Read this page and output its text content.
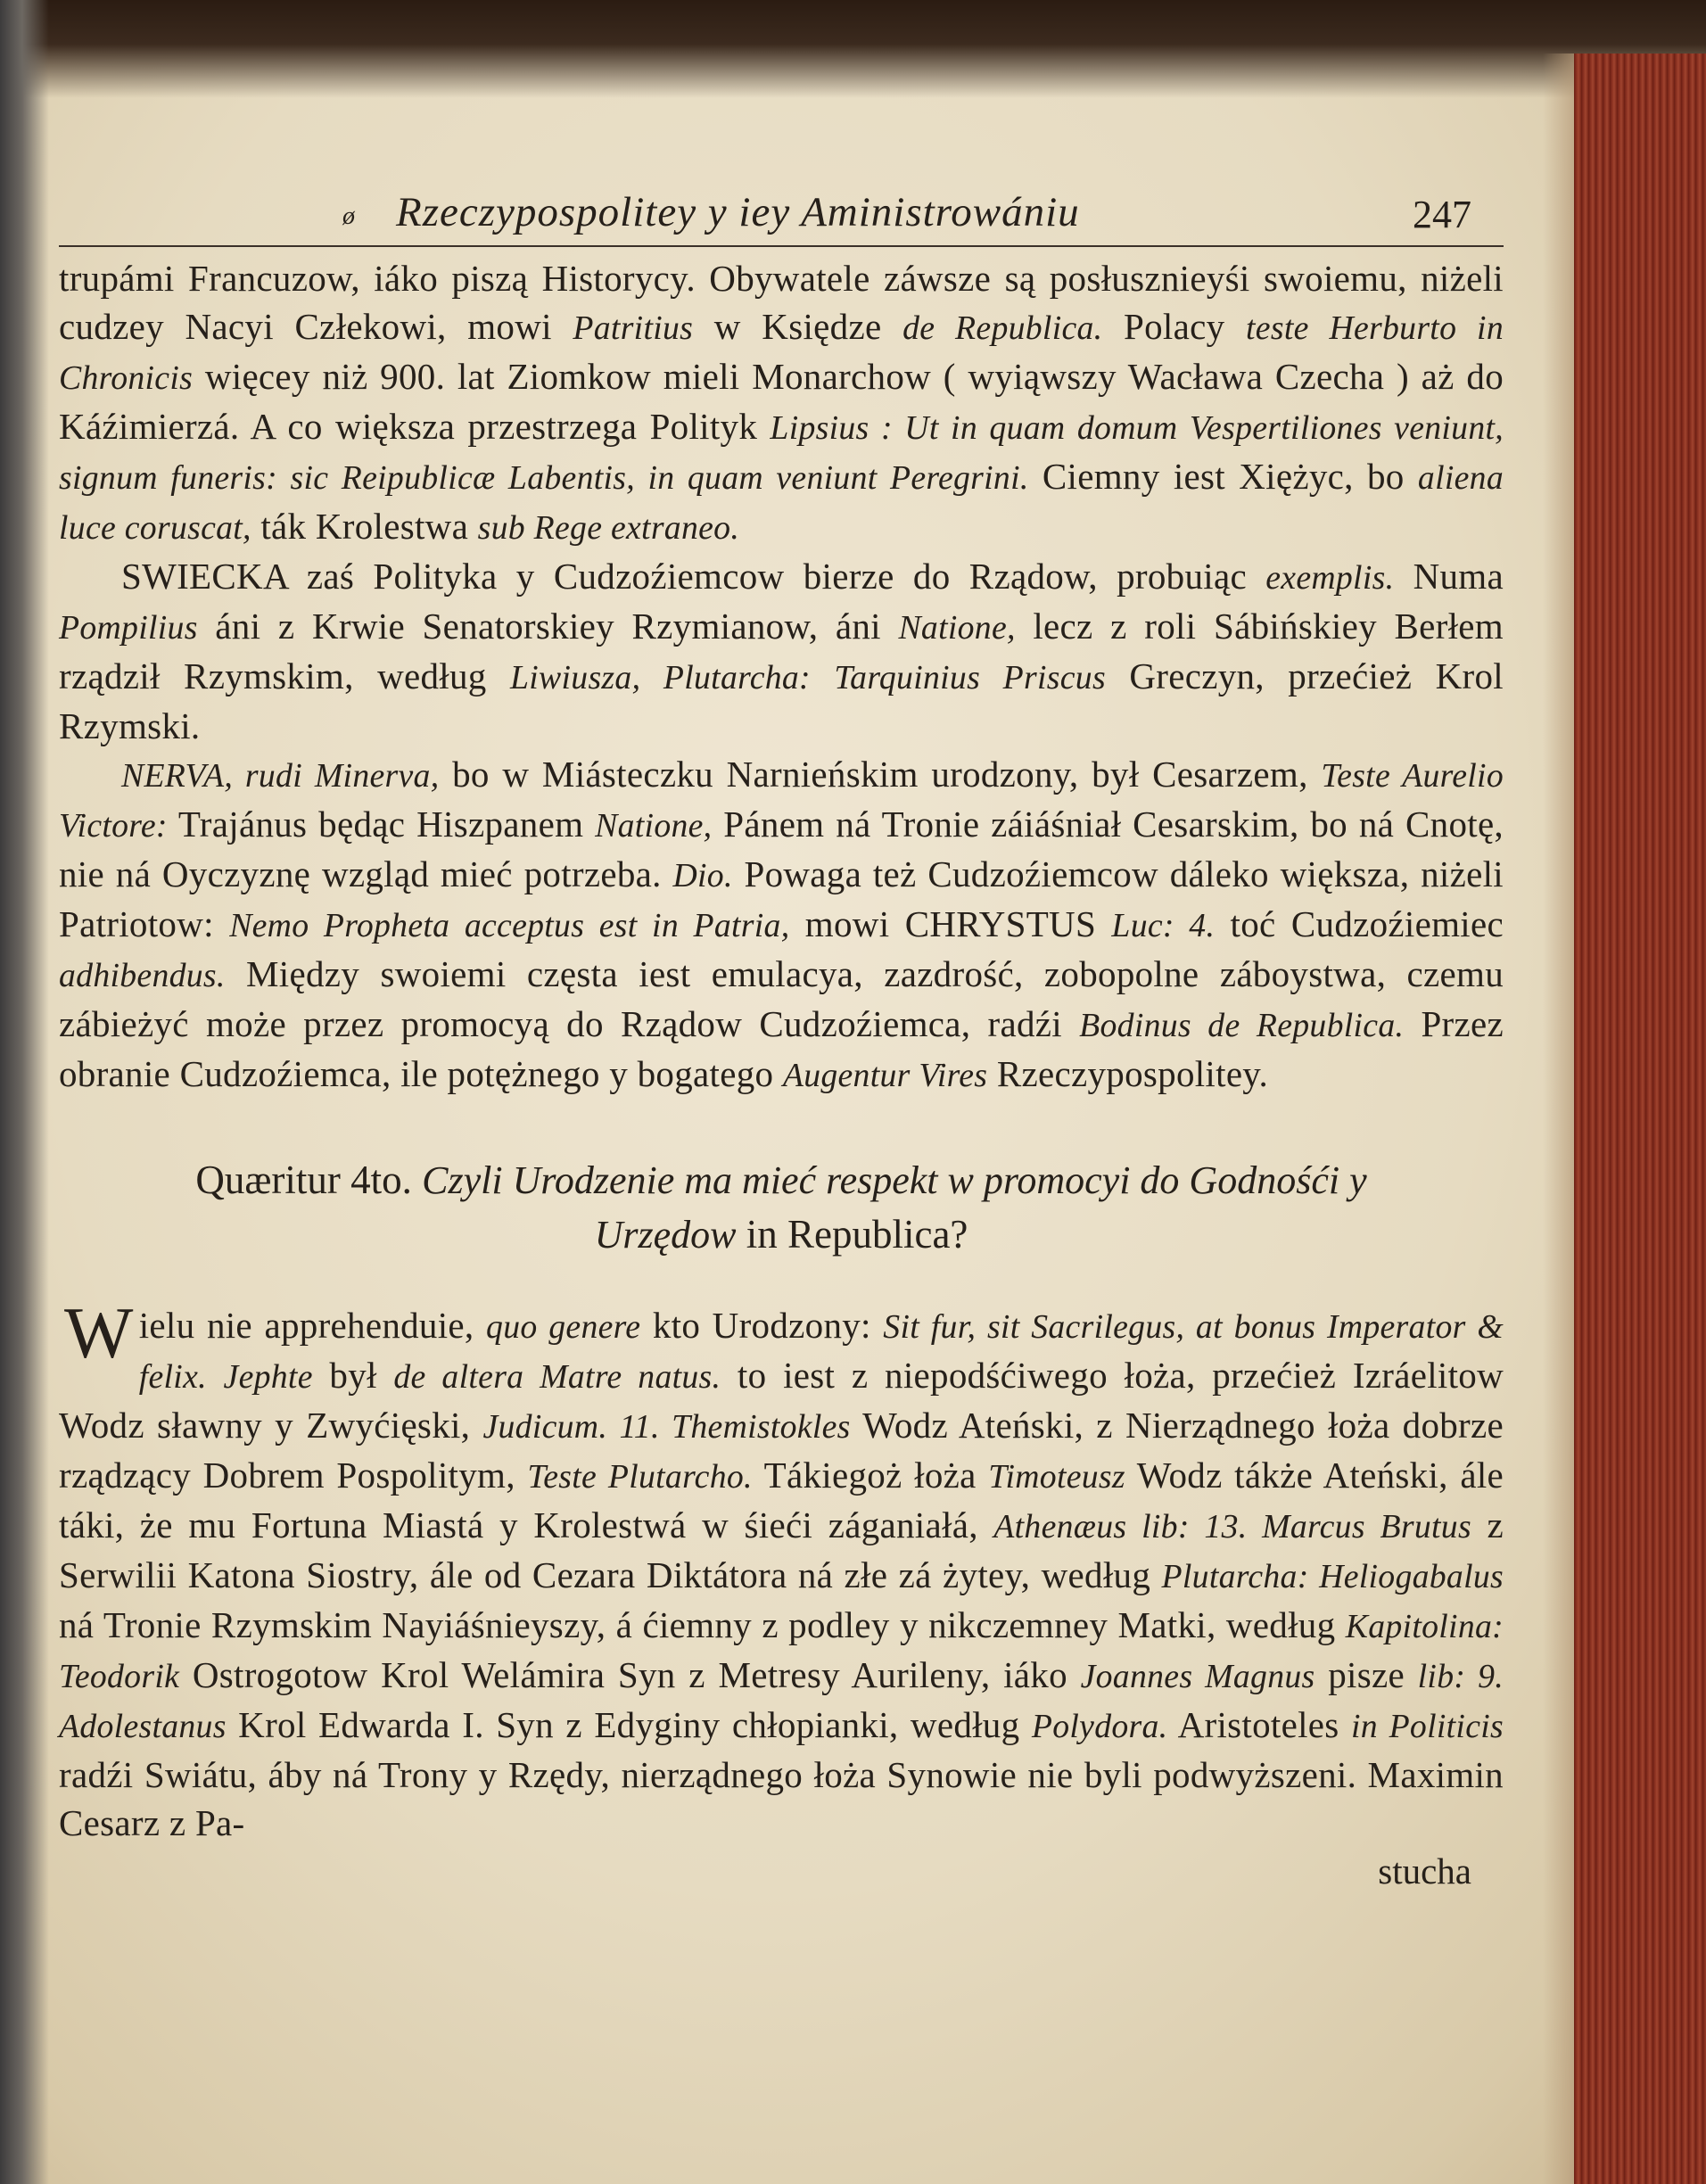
ø Rzeczypospolitey y iey Aministrowániu	247

trupámi Francuzow, iáko piszą Historycy. Obywatele záwsze są posłusznieyśi swoiemu, niżeli cudzey Nacyi Człekowi, mowi Patritius w Księdze de Republica. Polacy teste Herburto in Chronicis więcey niż 900. lat Ziomkow mieli Monarchow ( wyiąwszy Wacława Czecha ) aż do Káźimierzá. A co większa przestrzega Polityk Lipsius : Ut in quam domum Vespertiliones veniunt, signum funeris: sic Reipublicæ Labentis, in quam veniunt Peregrini. Ciemny iest Xiężyc, bo aliena luce coruscat, ták Krolestwa sub Rege extraneo.

SWIECKA zaś Polityka y Cudzoźiemcow bierze do Rządow, probuiąc exemplis. Numa Pompilius áni z Krwie Senatorskiey Rzymianow, áni Natione, lecz z roli Sábińskiey Berłem rządził Rzymskim, według Liwiusza, Plutarcha: Tarquinius Priscus Greczyn, przećież Krol Rzymski.

NERVA, rudi Minerva, bo w Miásteczku Narnieńskim urodzony, był Cesarzem, Teste Aurelio Victore: Trajánus będąc Hiszpanem Natione, Pánem ná Tronie záiáśniał Cesarskim, bo ná Cnotę, nie ná Oyczyznę wzgląd mieć potrzeba. Dio. Powaga też Cudzoźiemcow dáleko większa, niżeli Patriotow: Nemo Propheta acceptus est in Patria, mowi CHRYSTUS Luc: 4. toć Cudzoźiemiec adhibendus. Między swoiemi częsta iest emulacya, zazdrość, zobopolne záboystwa, czemu zábieżyć może przez promocyą do Rządow Cudzoźiemca, radźi Bodinus de Republica. Przez obranie Cudzoźiemca, ile potężnego y bogatego Augentur Vires Rzeczypospolitey.

Quæritur 4to. Czyli Urodzenie ma mieć respekt w promocyi do Godnośći y Urzędow in Republica?

Wielu nie apprehenduie, quo genere kto Urodzony: Sit fur, sit Sacrilegus, at bonus Imperator & felix. Jephte był de altera Matre natus. to iest z niepodśćiwego łoża, przećież Izráelitow Wodz sławny y Zwyćięski, Judicum. 11. Themistokles Wodz Ateński, z Nierządnego łoża dobrze rządzący Dobrem Pospolitym, Teste Plutarcho. Tákiegoż łoża Timoteusz Wodz tákże Ateński, ále táki, że mu Fortuna Miastá y Krolestwá w śieći záganiałá, Athenæus lib: 13. Marcus Brutus z Serwilii Katona Siostry, ále od Cezara Diktátora ná złe zá żytey, według Plutarcha: Heliogabalus ná Tronie Rzymskim Nayiáśnieyszy, á ćiemny z podley y nikczemney Matki, według Kapitolina: Teodorik Ostrogotow Krol Welámira Syn z Metresy Aurileny, iáko Joannes Magnus pisze lib: 9. Adolestanus Krol Edwarda I. Syn z Edyginy chłopianki, według Polydora. Aristoteles in Politicis radźi Swiátu, áby ná Trony y Rzędy, nierządnego łoża Synowie nie byli podwyższeni. Maximin Cesarz z Pa-

stucha
